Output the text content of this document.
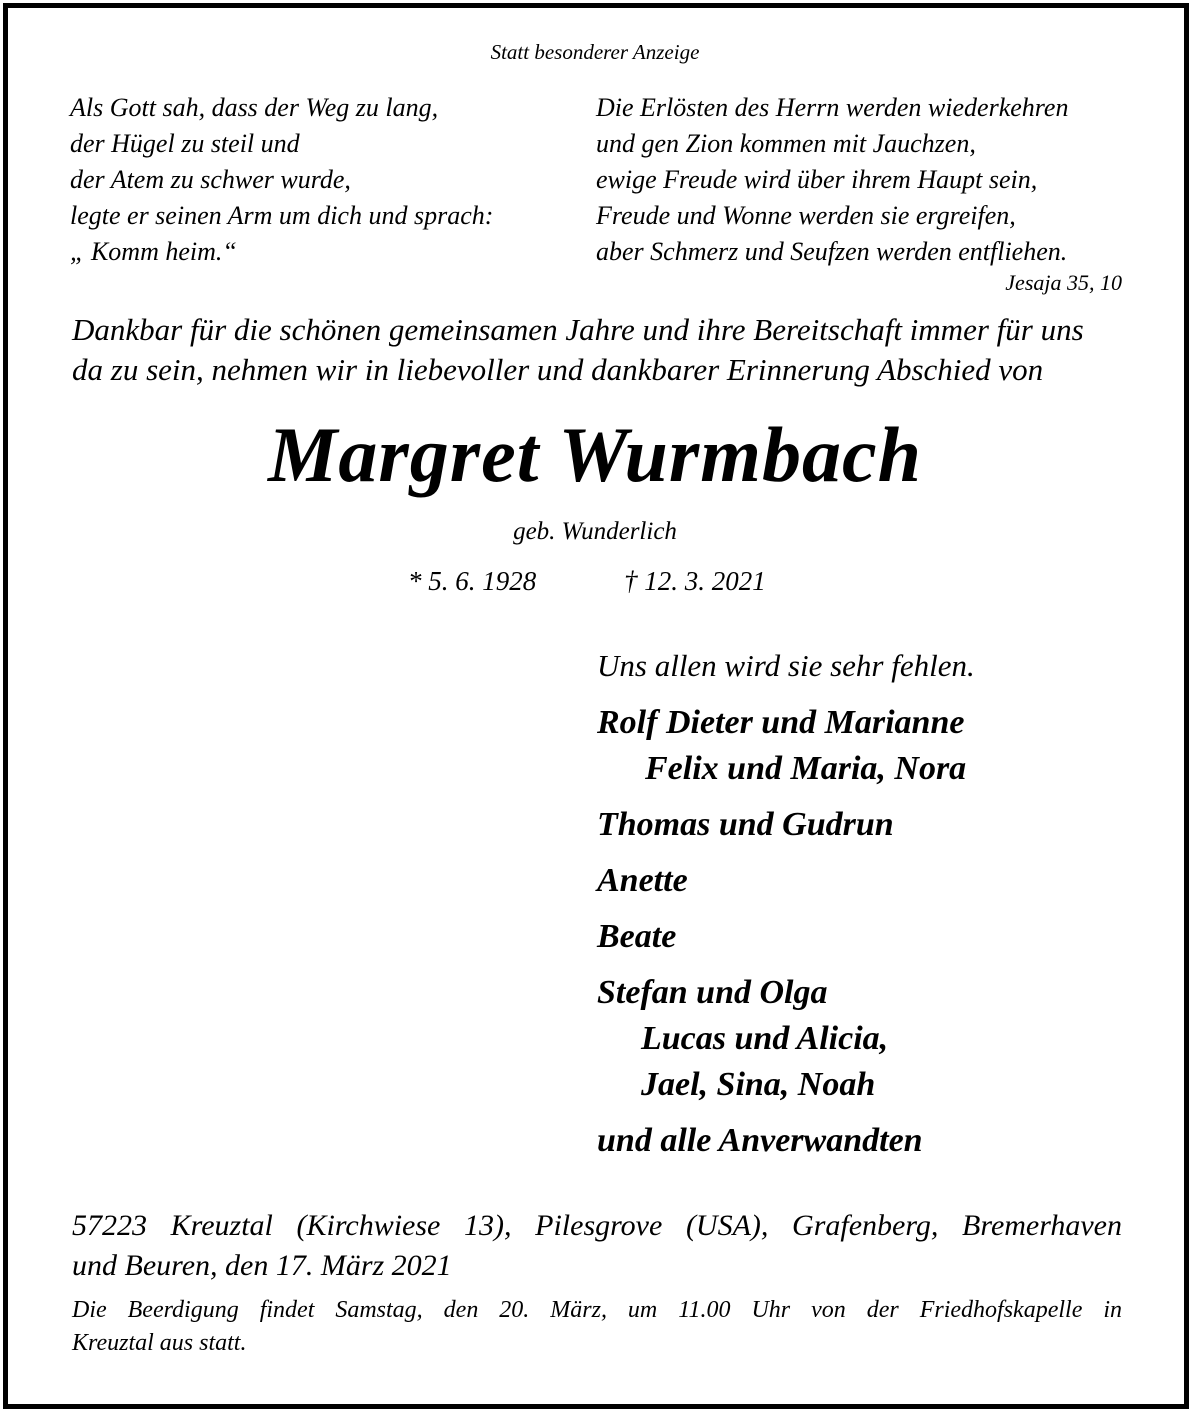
Statt besonderer Anzeige
Als Gott sah, dass der Weg zu lang,
der Hügel zu steil und
der Atem zu schwer wurde,
legte er seinen Arm um dich und sprach:
„ Komm heim.“
Die Erlösten des Herrn werden wiederkehren
und gen Zion kommen mit Jauchzen,
ewige Freude wird über ihrem Haupt sein,
Freude und Wonne werden sie ergreifen,
aber Schmerz und Seufzen werden entfliehen.
Jesaja 35, 10
Dankbar für die schönen gemeinsamen Jahre und ihre Bereitschaft immer für uns
da zu sein, nehmen wir in liebevoller und dankbarer Erinnerung Abschied von
Margret Wurmbach
geb. Wunderlich
* 5. 6. 1928	† 12. 3. 2021
Uns allen wird sie sehr fehlen.
Rolf Dieter und Marianne
Felix und Maria, Nora
Thomas und Gudrun
Anette
Beate
Stefan und Olga
Lucas und Alicia,
Jael, Sina, Noah
und alle Anverwandten
57223 Kreuztal (Kirchwiese 13), Pilesgrove (USA), Grafenberg, Bremerhaven
und Beuren, den 17. März 2021
Die Beerdigung findet Samstag, den 20. März, um 11.00 Uhr von der Friedhofskapelle in
Kreuztal aus statt.
